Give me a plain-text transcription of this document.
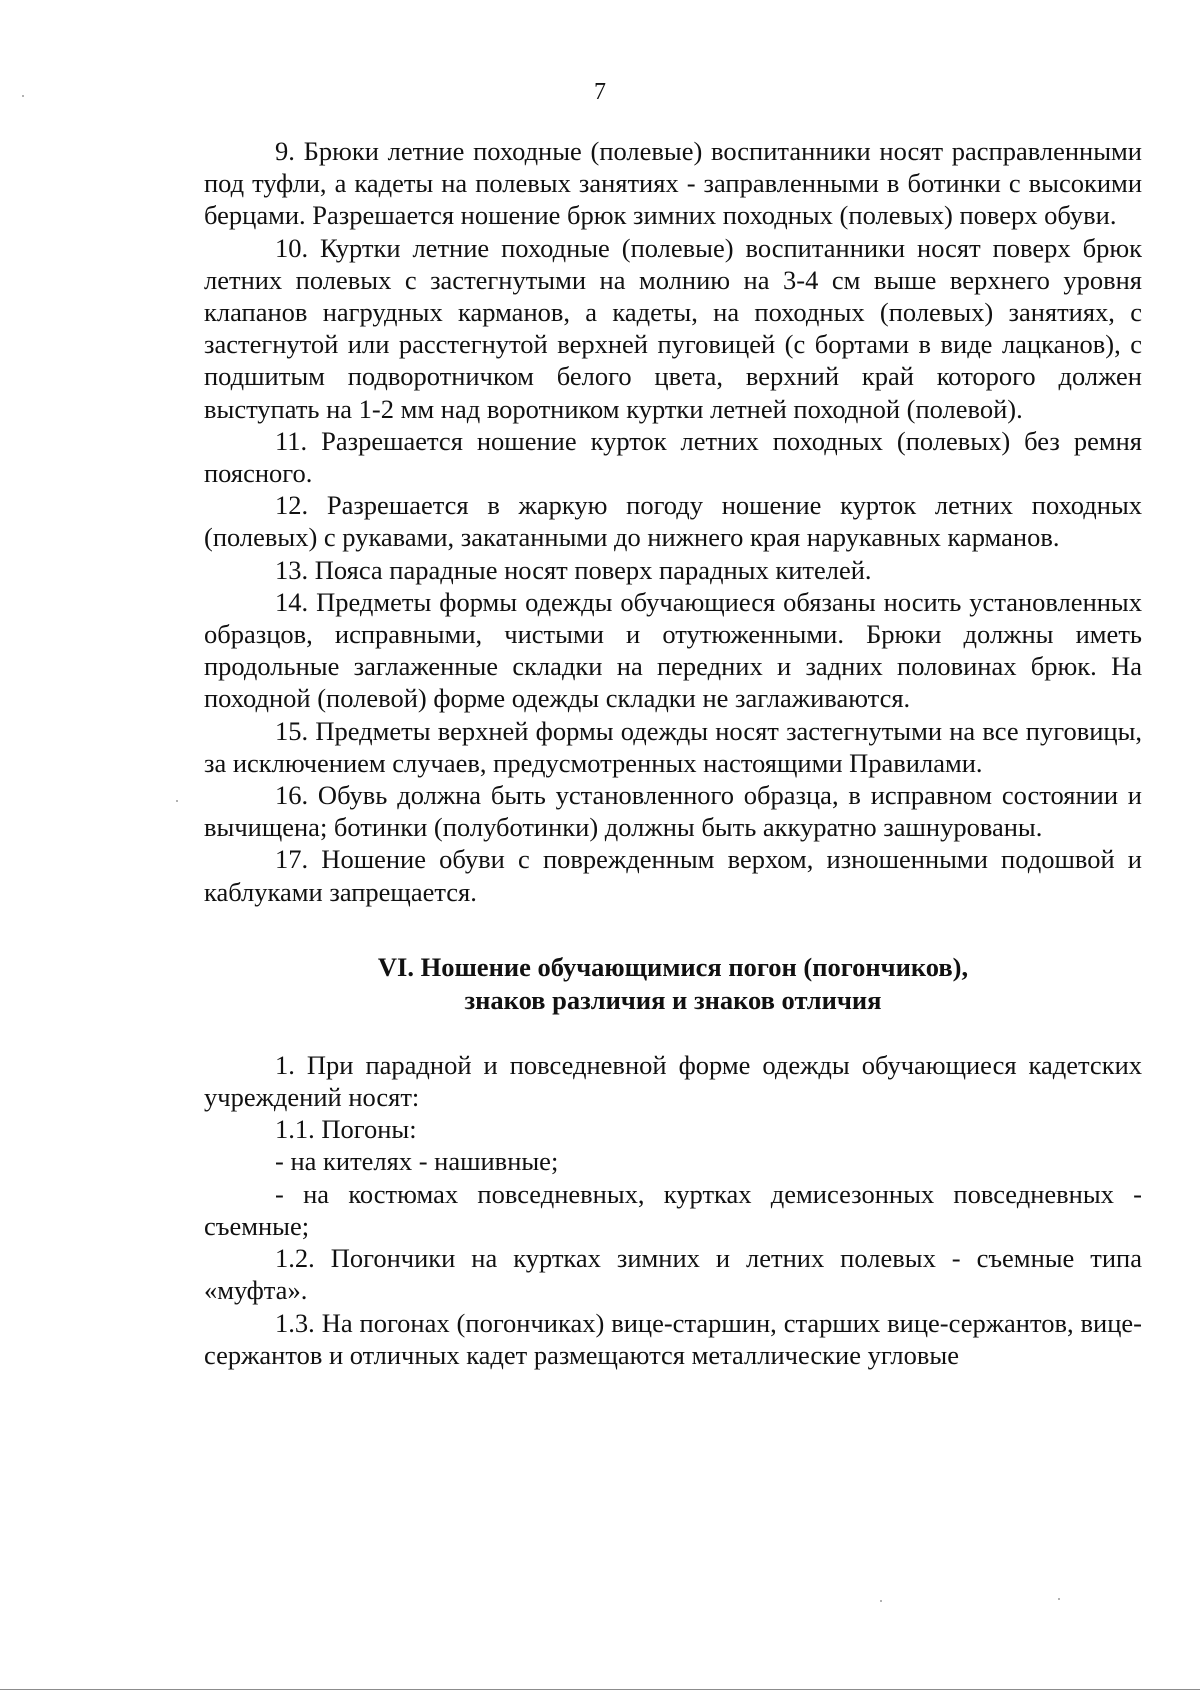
7

9. Брюки летние походные (полевые) воспитанники носят расправленными под туфли, а кадеты на полевых занятиях - заправленными в ботинки с высокими берцами. Разрешается ношение брюк зимних походных (полевых) поверх обуви.

10. Куртки летние походные (полевые) воспитанники носят поверх брюк летних полевых с застегнутыми на молнию на 3-4 см выше верхнего уровня клапанов нагрудных карманов, а кадеты, на походных (полевых) занятиях, с застегнутой или расстегнутой верхней пуговицей (с бортами в виде лацканов), с подшитым подворотничком белого цвета, верхний край которого должен выступать на 1-2 мм над воротником куртки летней походной (полевой).

11. Разрешается ношение курток летних походных (полевых) без ремня поясного.

12. Разрешается в жаркую погоду ношение курток летних походных (полевых) с рукавами, закатанными до нижнего края нарукавных карманов.

13. Пояса парадные носят поверх парадных кителей.

14. Предметы формы одежды обучающиеся обязаны носить установленных образцов, исправными, чистыми и отутюженными. Брюки должны иметь продольные заглаженные складки на передних и задних половинах брюк. На походной (полевой) форме одежды складки не заглаживаются.

15. Предметы верхней формы одежды носят застегнутыми на все пуговицы, за исключением случаев, предусмотренных настоящими Правилами.

16. Обувь должна быть установленного образца, в исправном состоянии и вычищена; ботинки (полуботинки) должны быть аккуратно зашнурованы.

17. Ношение обуви с поврежденным верхом, изношенными подошвой и каблуками запрещается.

VI. Ношение обучающимися погон (погончиков),
знаков различия и знаков отличия

1. При парадной и повседневной форме одежды обучающиеся кадетских учреждений носят:

1.1. Погоны:

- на кителях - нашивные;

- на костюмах повседневных, куртках демисезонных повседневных - съемные;

1.2. Погончики на куртках зимних и летних полевых - съемные типа «муфта».

1.3. На погонах (погончиках) вице-старшин, старших вице-сержантов, вице-сержантов и отличных кадет размещаются металлические угловые
